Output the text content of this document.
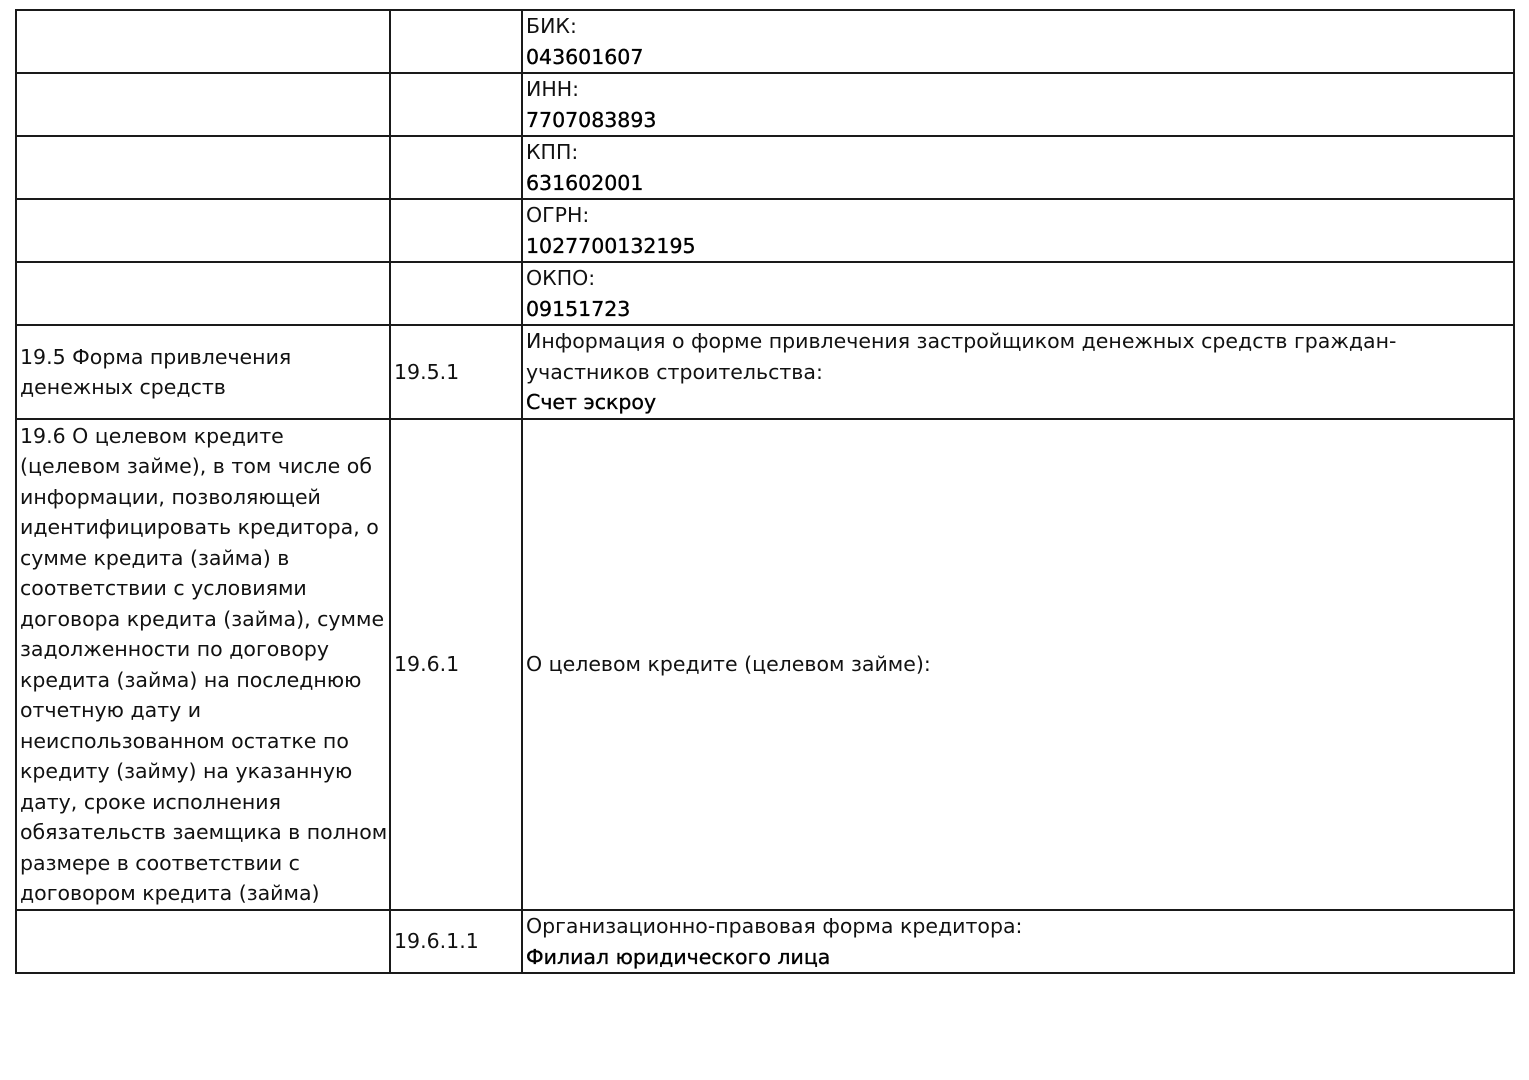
		БИК:
043601607

		ИНН:
7707083893

		КПП:
631602001

		ОГРН:
1027700132195

		ОКПО:
09151723

19.5 Форма привлечения денежных средств	19.5.1	Информация о форме привлечения застройщиком денежных средств граждан-участников строительства:
Счет эскроу

19.6 О целевом кредите (целевом займе), в том числе об информации, позволяющей идентифицировать кредитора, о сумме кредита (займа) в соответствии с условиями договора кредита (займа), сумме задолженности по договору кредита (займа) на последнюю отчетную дату и неиспользованном остатке по кредиту (займу) на указанную дату, сроке исполнения обязательств заемщика в полном размере в соответствии с договором кредита (займа)	19.6.1	О целевом кредите (целевом займе):
	19.6.1.1	Организационно-правовая форма кредитора:
Филиал юридического лица
